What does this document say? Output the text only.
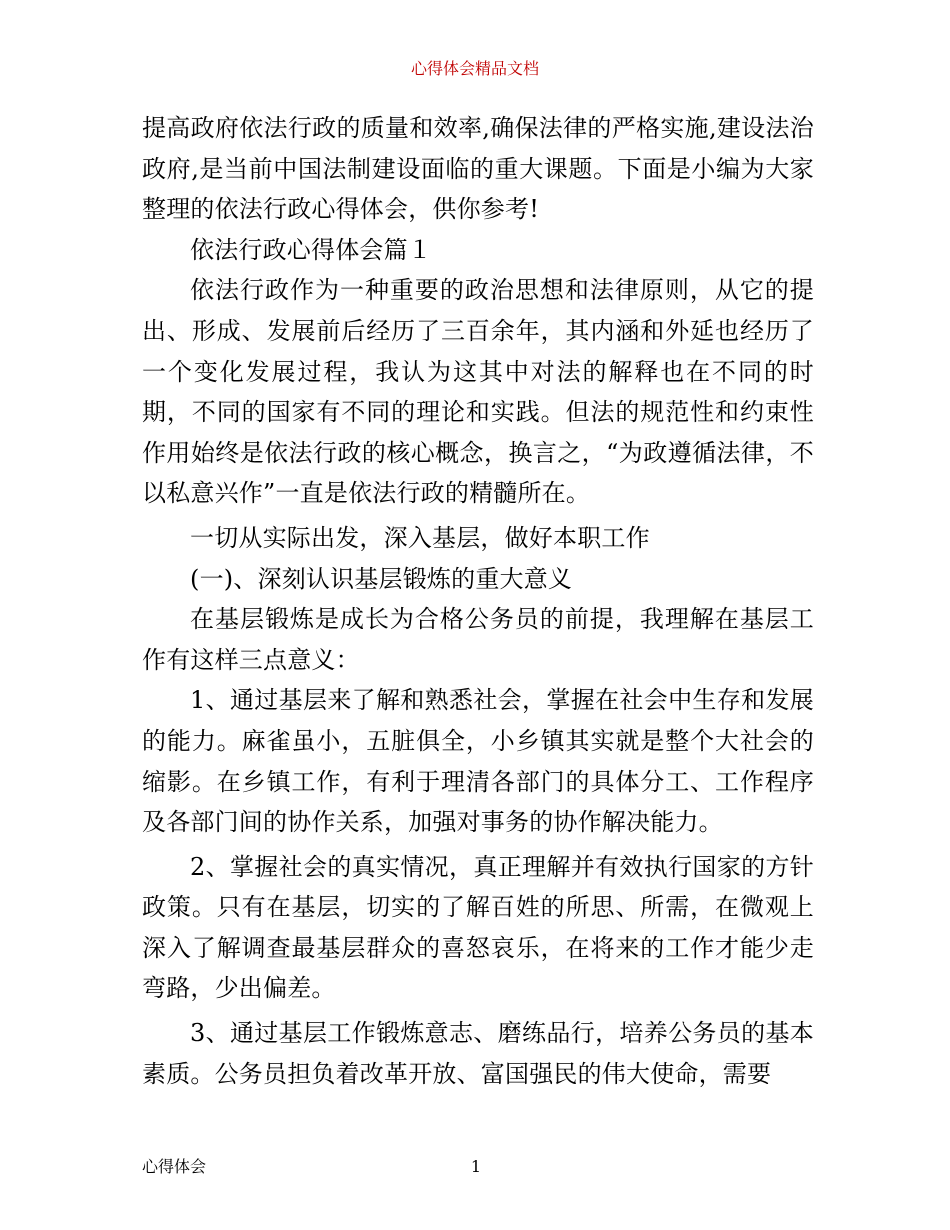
心得体会精品文档

提高政府依法行政的质量和效率,确保法律的严格实施,建设法治政府,是当前中国法制建设面临的重大课题。下面是小编为大家整理的依法行政心得体会，供你参考!

依法行政心得体会篇１

依法行政作为一种重要的政治思想和法律原则，从它的提出、形成、发展前后经历了三百余年，其内涵和外延也经历了一个变化发展过程，我认为这其中对法的解释也在不同的时期，不同的国家有不同的理论和实践。但法的规范性和约束性作用始终是依法行政的核心概念，换言之，“为政遵循法律，不以私意兴作”一直是依法行政的精髓所在。

一切从实际出发，深入基层，做好本职工作

(一)、深刻认识基层锻炼的重大意义

在基层锻炼是成长为合格公务员的前提，我理解在基层工作有这样三点意义：

1、通过基层来了解和熟悉社会，掌握在社会中生存和发展的能力。麻雀虽小，五脏俱全，小乡镇其实就是整个大社会的缩影。在乡镇工作，有利于理清各部门的具体分工、工作程序及各部门间的协作关系，加强对事务的协作解决能力。

2、掌握社会的真实情况，真正理解并有效执行国家的方针政策。只有在基层，切实的了解百姓的所思、所需，在微观上深入了解调查最基层群众的喜怒哀乐，在将来的工作才能少走弯路，少出偏差。

3、通过基层工作锻炼意志、磨练品行，培养公务员的基本素质。公务员担负着改革开放、富国强民的伟大使命，需要

心得体会	1
